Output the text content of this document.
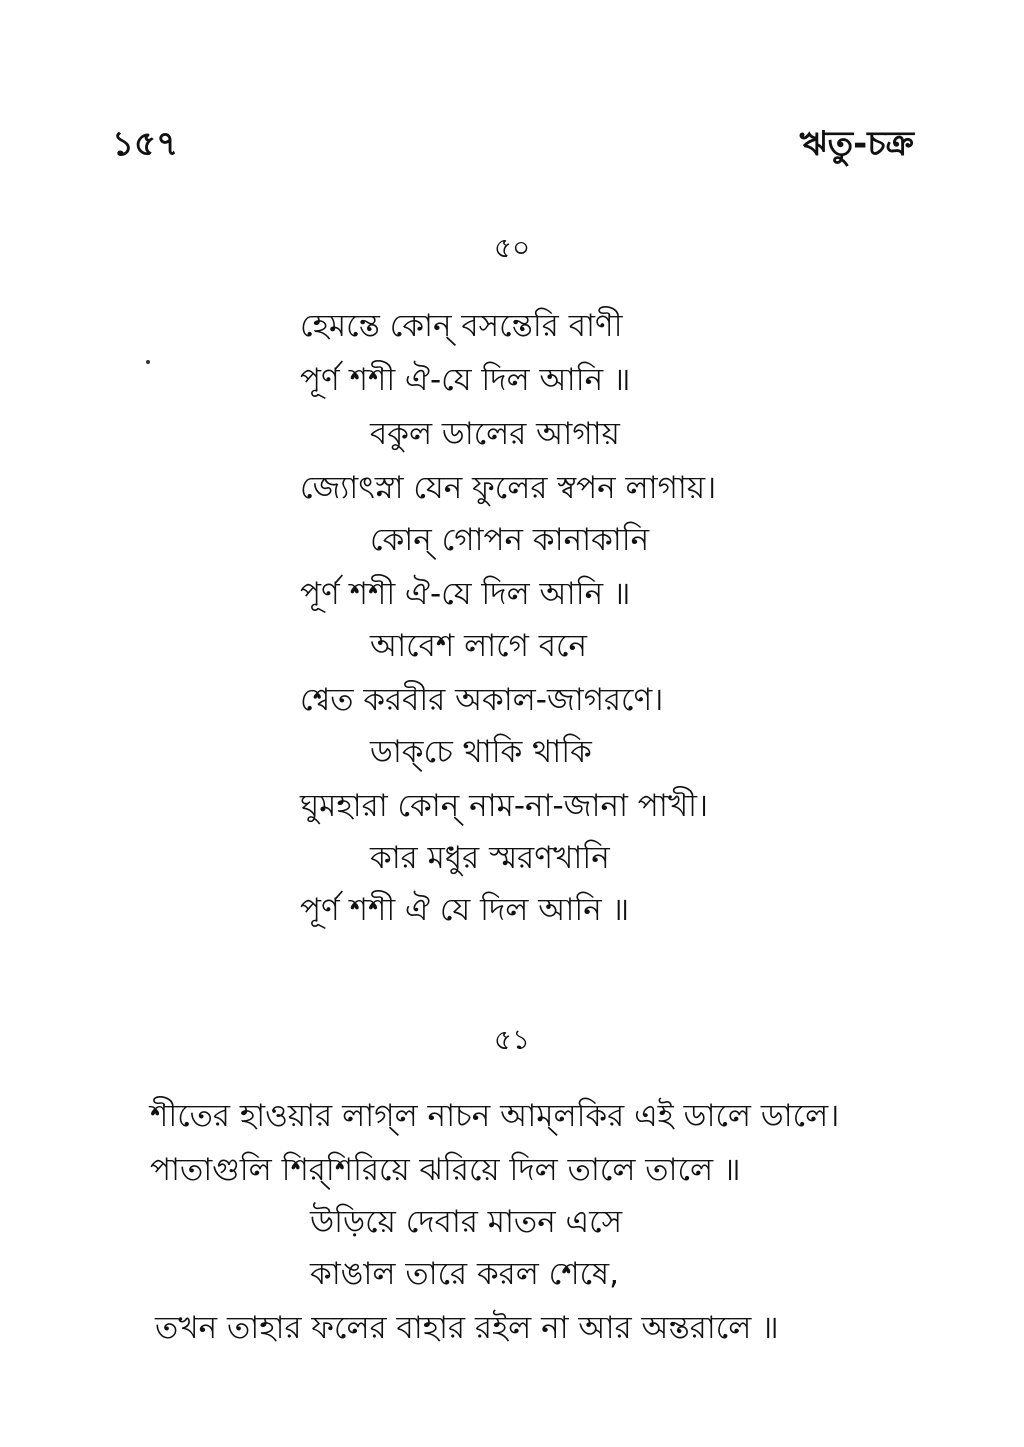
১৫৭	ঋতু-চক্র
৫০
হেমন্তে কোন্ বসন্তেরি বাণী
পূর্ণ শশী ঐ-যে দিল আনি ॥
বকুল ডালের আগায়
জ্যোৎস্না যেন ফুলের স্বপন লাগায়।
কোন্ গোপন কানাকানি
পূর্ণ শশী ঐ-যে দিল আনি ॥
আবেশ লাগে বনে
শ্বেত করবীর অকাল-জাগরণে।
ডাক্‌চে থাকি থাকি
ঘুমহারা কোন্ নাম-না-জানা পাখী।
কার মধুর স্মরণখানি
পূর্ণ শশী ঐ যে দিল আনি ॥
৫১
শীতের হাওয়ার লাগ্‌ল নাচন আম্‌লকির এই ডালে ডালে।
পাতাগুলি শির্‌শিরিয়ে ঝরিয়ে দিল তালে তালে ॥
উড়িয়ে দেবার মাতন এসে
কাঙাল তারে করল শেষে,
তখন তাহার ফলের বাহার রইল না আর অন্তরালে ॥
